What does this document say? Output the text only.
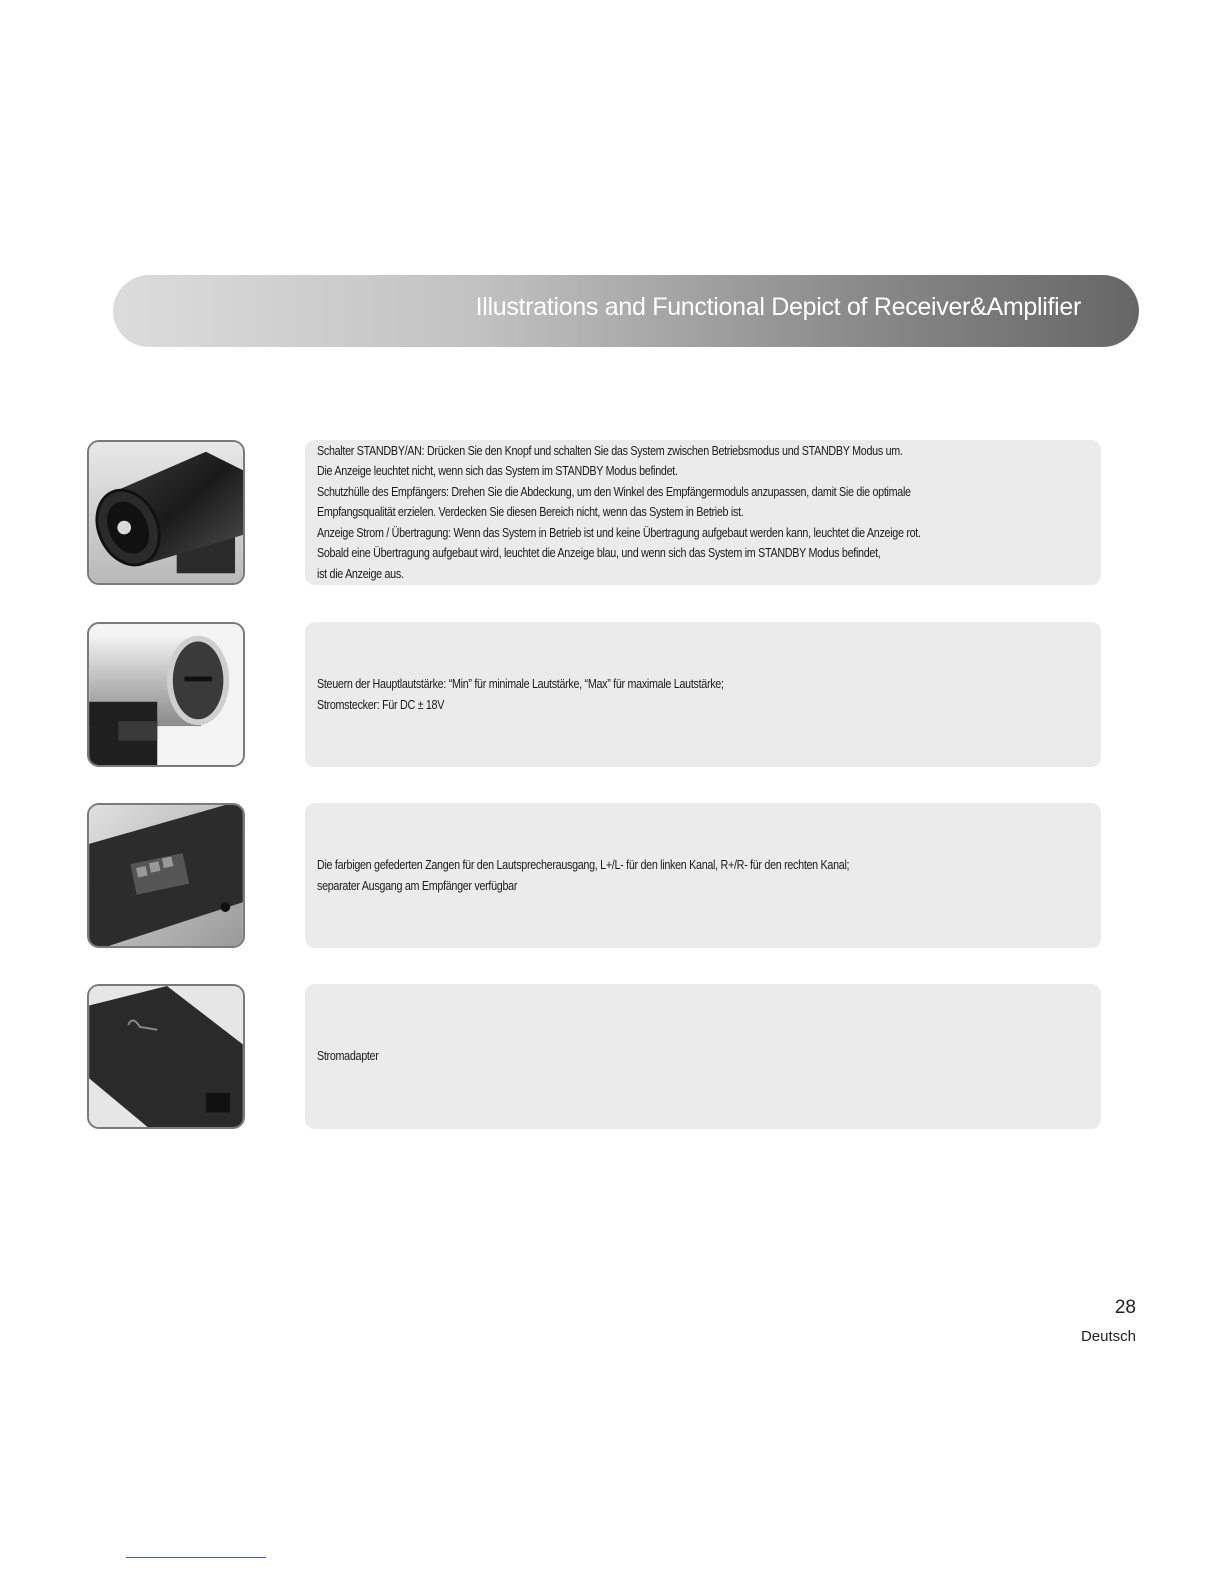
Illustrations and Functional Depict of Receiver&Amplifier
Schalter STANDBY/AN: Drücken Sie den Knopf und schalten Sie das System zwischen Betriebsmodus und STANDBY Modus um.
Die Anzeige leuchtet nicht, wenn sich das System im STANDBY Modus befindet.
Schutzhülle des Empfängers: Drehen Sie die Abdeckung, um den Winkel des Empfängermoduls anzupassen, damit Sie die optimale
Empfangsqualität erzielen. Verdecken Sie diesen Bereich nicht, wenn das System in Betrieb ist.
Anzeige Strom / Übertragung: Wenn das System in Betrieb ist und keine Übertragung aufgebaut werden kann, leuchtet die Anzeige rot.
Sobald eine Übertragung aufgebaut wird, leuchtet die Anzeige blau, und wenn sich das System im STANDBY Modus befindet,
ist die Anzeige aus.
Steuern der Hauptlautstärke: “Min” für minimale Lautstärke, “Max” für maximale Lautstärke;
Stromstecker: Für DC ± 18V
Die farbigen gefederten Zangen für den Lautsprecherausgang, L+/L- für den linken Kanal, R+/R- für den rechten Kanal;
separater Ausgang am Empfänger verfügbar
Stromadapter
28
Deutsch
